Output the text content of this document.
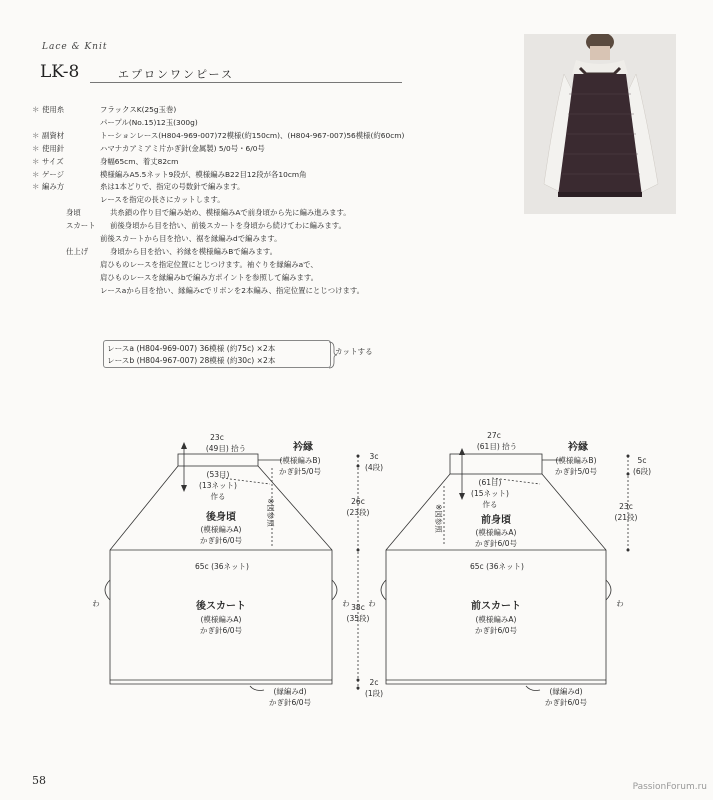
Lace & Knit
LK-8	エプロンワンピース
＊ 使用糸	フラックスK(25g玉巻)
パープル(No.15)12玉(300g)
＊ 副資材	トーションレース(H804-969-007)72模様(約150cm)、(H804-967-007)56模様(約60cm)
＊ 使用針	ハマナカアミアミ片かぎ針(金属製) 5/0号・6/0号
＊ サイズ	身幅65cm、着丈82cm
＊ ゲージ	模様編みA5.5ネット9段が、模様編みB22目12段が各10cm角
＊ 編み方	糸は1本どりで、指定の号数針で編みます。
レースを指定の長さにカットします。
身頃	共糸鎖の作り目で編み始め、模様編みAで前身頃から先に編み進みます。
スカート	前後身頃から目を拾い、前後スカートを身頃から続けてわに編みます。
前後スカートから目を拾い、裾を縁編みdで編みます。
仕上げ	身頃から目を拾い、衿縁を模様編みBで編みます。
肩ひものレースを指定位置にとじつけます。袖ぐりを縁編みaで、
肩ひものレースを縁編みbで編み方ポイントを参照して編みます。
レースaから目を拾い、縁編みcでリボンを2本編み、指定位置にとじつけます。
レースa (H804-969-007) 36模様 (約75c) ×2本
レースb (H804-967-007) 28模様 (約30c) ×2本
カットする
23c
(49目) 拾う	衿縁
(模様編みB)
かぎ針5/0号
(53目)
(13ネット)
作る
後身頃
(模様編みA)
かぎ針6/0号
65c (36ネット)
後スカート
(模様編みA)
かぎ針6/0号
(縁編みd)
かぎ針6/0号
わ	わ
3c
(4段)
26c
(23段)
38c
(35段)
2c
(1段)
27c
(61目) 拾う	衿縁
(模様編みB)
かぎ針5/0号
(61目)
(15ネット)
作る
前身頃
(模様編みA)
かぎ針6/0号
65c (36ネット)
前スカート
(模様編みA)
かぎ針6/0号
(縁編みd)
かぎ針6/0号
わ	わ
5c
(6段)
23c
(21段)
※図参照	※図参照
58	PassionForum.ru
